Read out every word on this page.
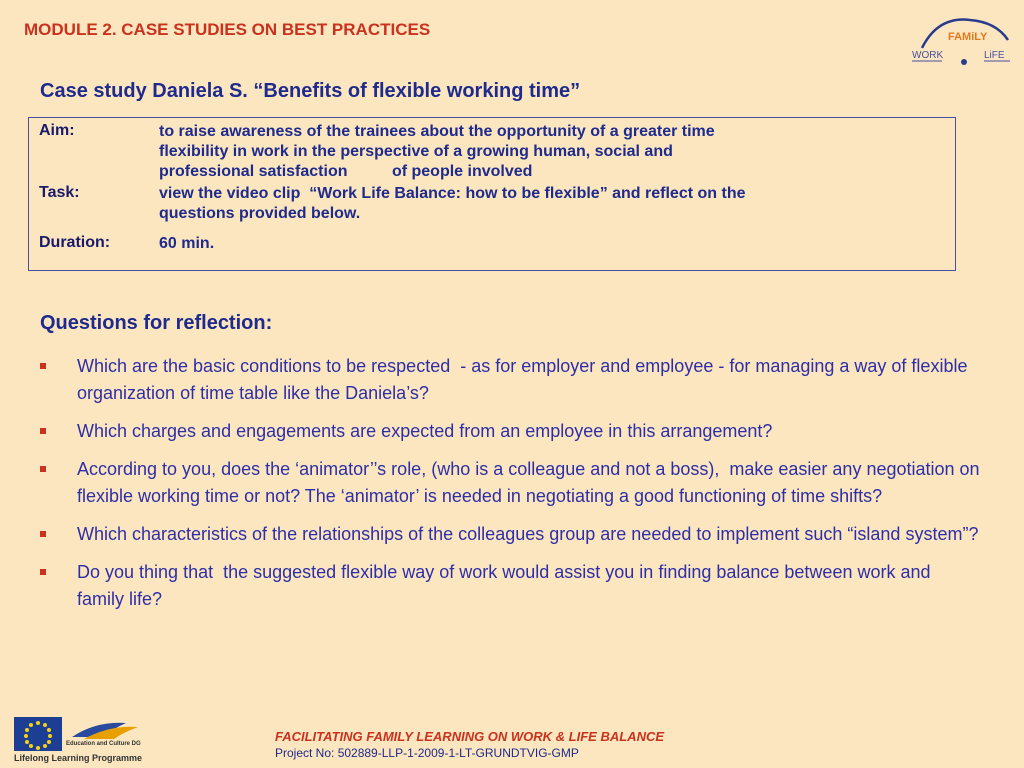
MODULE 2. CASE STUDIES ON BEST PRACTICES	FAMiLY
WORK	LiFE
Case study Daniela S. “Benefits of flexible working time”
Aim:	to raise awareness of the trainees about the opportunity of a greater time
flexibility in work in the perspective of a growing human, social and
professional satisfaction          of people involved
Task:	view the video clip  “Work Life Balance: how to be flexible” and reflect on the
questions provided below.
Duration:	60 min.
Questions for reflection:
Which are the basic conditions to be respected  - as for employer and employee - for managing a way of flexible organization of time table like the Daniela’s?
Which charges and engagements are expected from an employee in this arrangement?
According to you, does the ‘animator’’s role, (who is a colleague and not a boss),  make easier any negotiation on flexible working time or not? The ‘animator’ is needed in negotiating a good functioning of time shifts?
Which characteristics of the relationships of the colleagues group are needed to implement such “island system”?
Do you thing that  the suggested flexible way of work would assist you in finding balance between work and family life?
Education and Culture DG
Lifelong Learning Programme
FACILITATING FAMILY LEARNING ON WORK & LIFE BALANCE
Project No: 502889-LLP-1-2009-1-LT-GRUNDTVIG-GMP
